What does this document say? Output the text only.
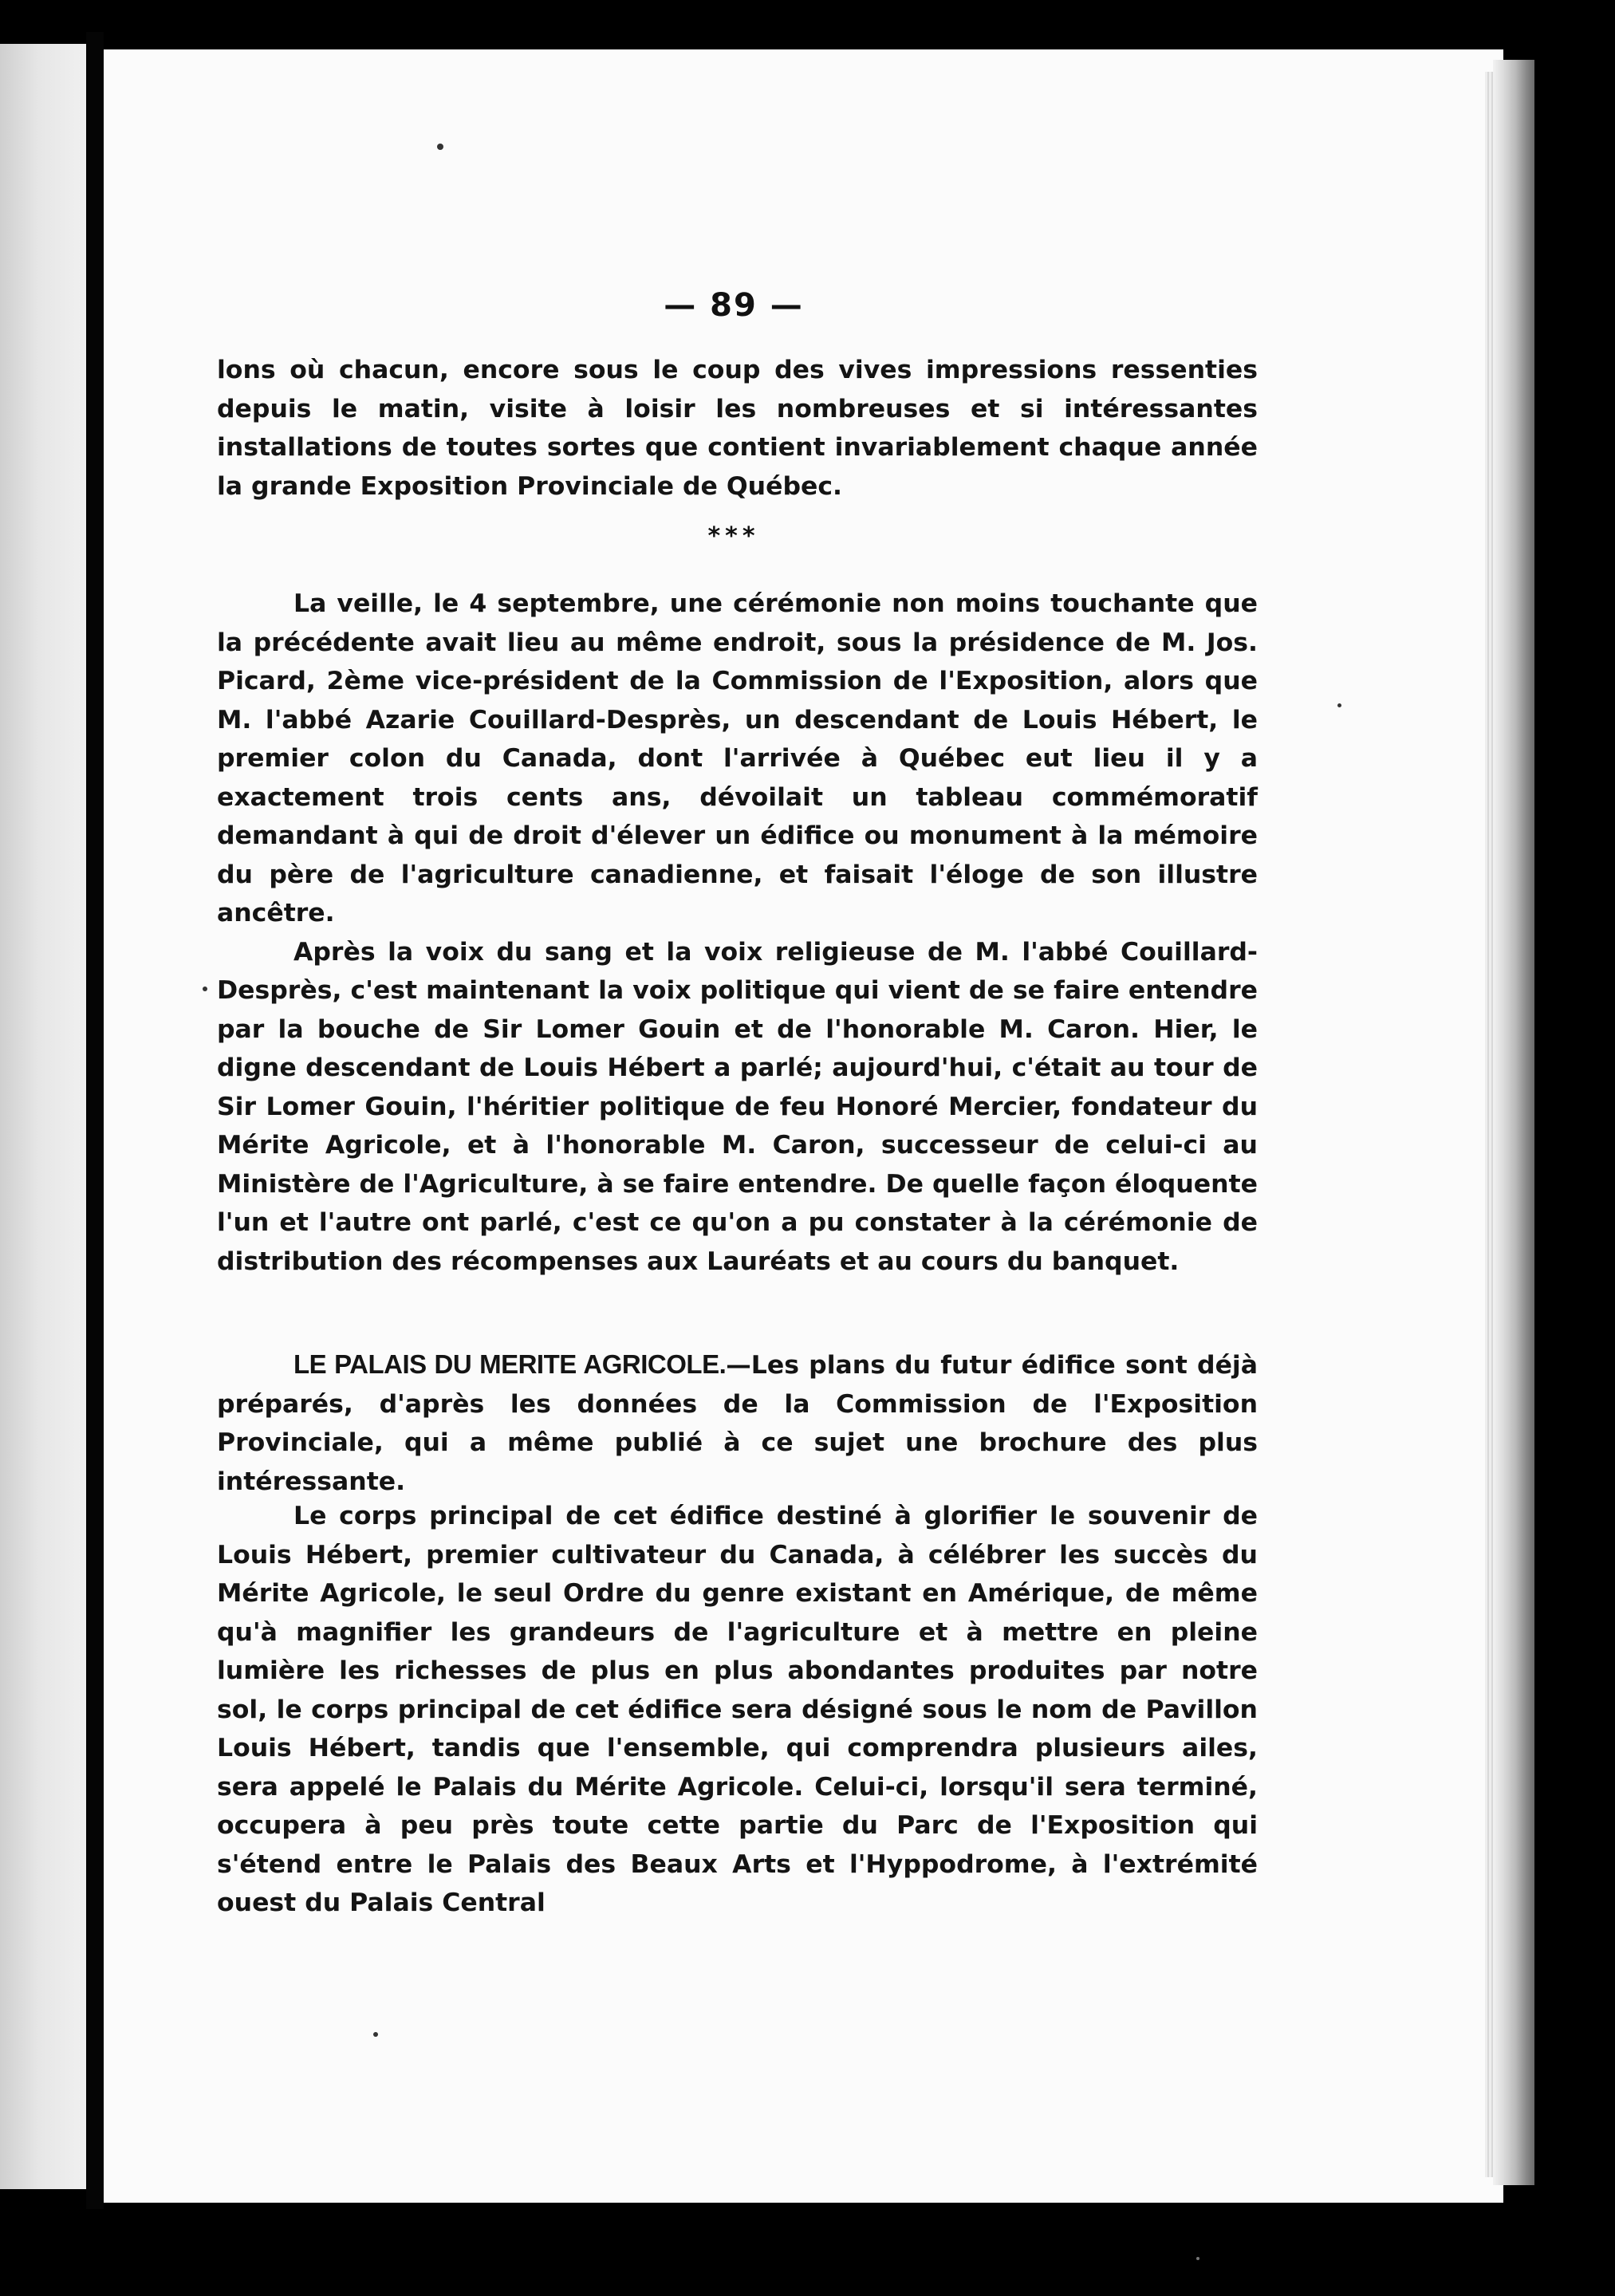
— 89 —

lons où chacun, encore sous le coup des vives impressions ressenties depuis le matin, visite à loisir les nombreuses et si intéressantes installations de toutes sortes que contient invariablement chaque année la grande Exposition Provinciale de Québec.

***

La veille, le 4 septembre, une cérémonie non moins touchante que la précédente avait lieu au même endroit, sous la présidence de M. Jos. Picard, 2ème vice-président de la Commission de l'Exposition, alors que M. l'abbé Azarie Couillard-Desprès, un descendant de Louis Hébert, le premier colon du Canada, dont l'arrivée à Québec eut lieu il y a exactement trois cents ans, dévoilait un tableau commémoratif demandant à qui de droit d'élever un édifice ou monument à la mémoire du père de l'agriculture canadienne, et faisait l'éloge de son illustre ancêtre.

Après la voix du sang et la voix religieuse de M. l'abbé Couillard-Desprès, c'est maintenant la voix politique qui vient de se faire entendre par la bouche de Sir Lomer Gouin et de l'honorable M. Caron. Hier, le digne descendant de Louis Hébert a parlé; aujourd'hui, c'était au tour de Sir Lomer Gouin, l'héritier politique de feu Honoré Mercier, fondateur du Mérite Agricole, et à l'honorable M. Caron, successeur de celui-ci au Ministère de l'Agriculture, à se faire entendre. De quelle façon éloquente l'un et l'autre ont parlé, c'est ce qu'on a pu constater à la cérémonie de distribution des récompenses aux Lauréats et au cours du banquet.

LE PALAIS DU MERITE AGRICOLE.—Les plans du futur édifice sont déjà préparés, d'après les données de la Commission de l'Exposition Provinciale, qui a même publié à ce sujet une brochure des plus intéressante.

Le corps principal de cet édifice destiné à glorifier le souvenir de Louis Hébert, premier cultivateur du Canada, à célébrer les succès du Mérite Agricole, le seul Ordre du genre existant en Amérique, de même qu'à magnifier les grandeurs de l'agriculture et à mettre en pleine lumière les richesses de plus en plus abondantes produites par notre sol, le corps principal de cet édifice sera désigné sous le nom de Pavillon Louis Hébert, tandis que l'ensemble, qui comprendra plusieurs ailes, sera appelé le Palais du Mérite Agricole. Celui-ci, lorsqu'il sera terminé, occupera à peu près toute cette partie du Parc de l'Exposition qui s'étend entre le Palais des Beaux Arts et l'Hyppodrome, à l'extrémité ouest du Palais Central
